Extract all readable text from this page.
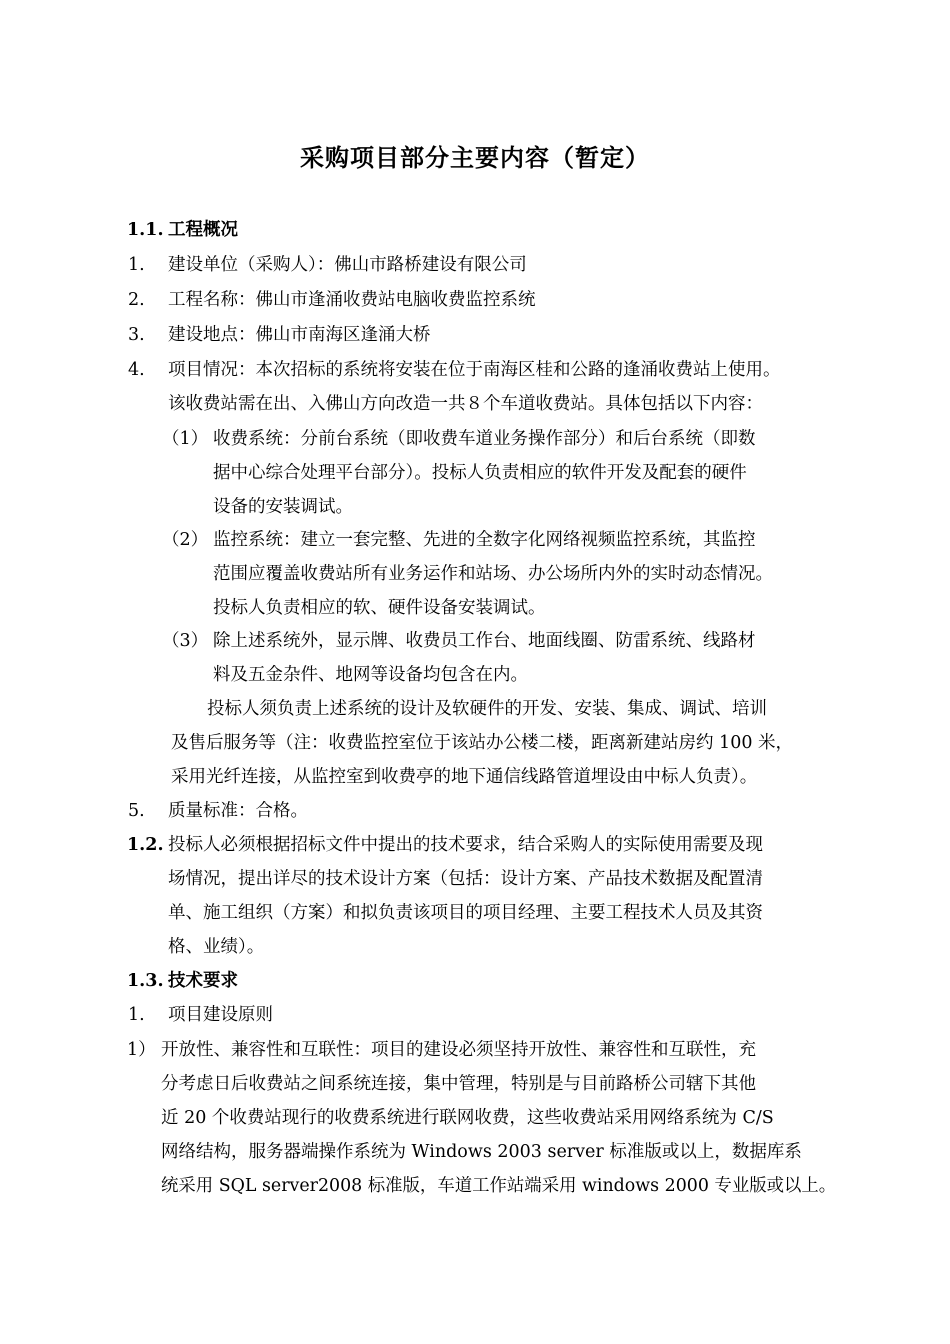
采购项目部分主要内容（暂定）
1.1. 工程概况
1. 建设单位（采购人）：佛山市路桥建设有限公司
2. 工程名称：佛山市逢涌收费站电脑收费监控系统
3. 建设地点：佛山市南海区逢涌大桥
4. 项目情况：本次招标的系统将安装在位于南海区桂和公路的逢涌收费站上使用。
该收费站需在出、入佛山方向改造一共８个车道收费站。具体包括以下内容：
（1） 收费系统：分前台系统（即收费车道业务操作部分）和后台系统（即数
据中心综合处理平台部分）。投标人负责相应的软件开发及配套的硬件
设备的安装调试。
（2） 监控系统：建立一套完整、先进的全数字化网络视频监控系统，其监控
范围应覆盖收费站所有业务运作和站场、办公场所内外的实时动态情况。
投标人负责相应的软、硬件设备安装调试。
（3） 除上述系统外，显示牌、收费员工作台、地面线圈、防雷系统、线路材
料及五金杂件、地网等设备均包含在内。
投标人须负责上述系统的设计及软硬件的开发、安装、集成、调试、培训
及售后服务等（注：收费监控室位于该站办公楼二楼，距离新建站房约 100 米，
采用光纤连接，从监控室到收费亭的地下通信线路管道埋设由中标人负责）。
5. 质量标准：合格。
1.2. 投标人必须根据招标文件中提出的技术要求，结合采购人的实际使用需要及现
场情况，提出详尽的技术设计方案（包括：设计方案、产品技术数据及配置清
单、施工组织（方案）和拟负责该项目的项目经理、主要工程技术人员及其资
格、业绩）。
1.3. 技术要求
1. 项目建设原则
1） 开放性、兼容性和互联性：项目的建设必须坚持开放性、兼容性和互联性，充
分考虑日后收费站之间系统连接，集中管理，特别是与目前路桥公司辖下其他
近 20 个收费站现行的收费系统进行联网收费，这些收费站采用网络系统为 C/S
网络结构，服务器端操作系统为 Windows 2003 server 标准版或以上，数据库系
统采用 SQL server2008 标准版，车道工作站端采用 windows 2000 专业版或以上。
